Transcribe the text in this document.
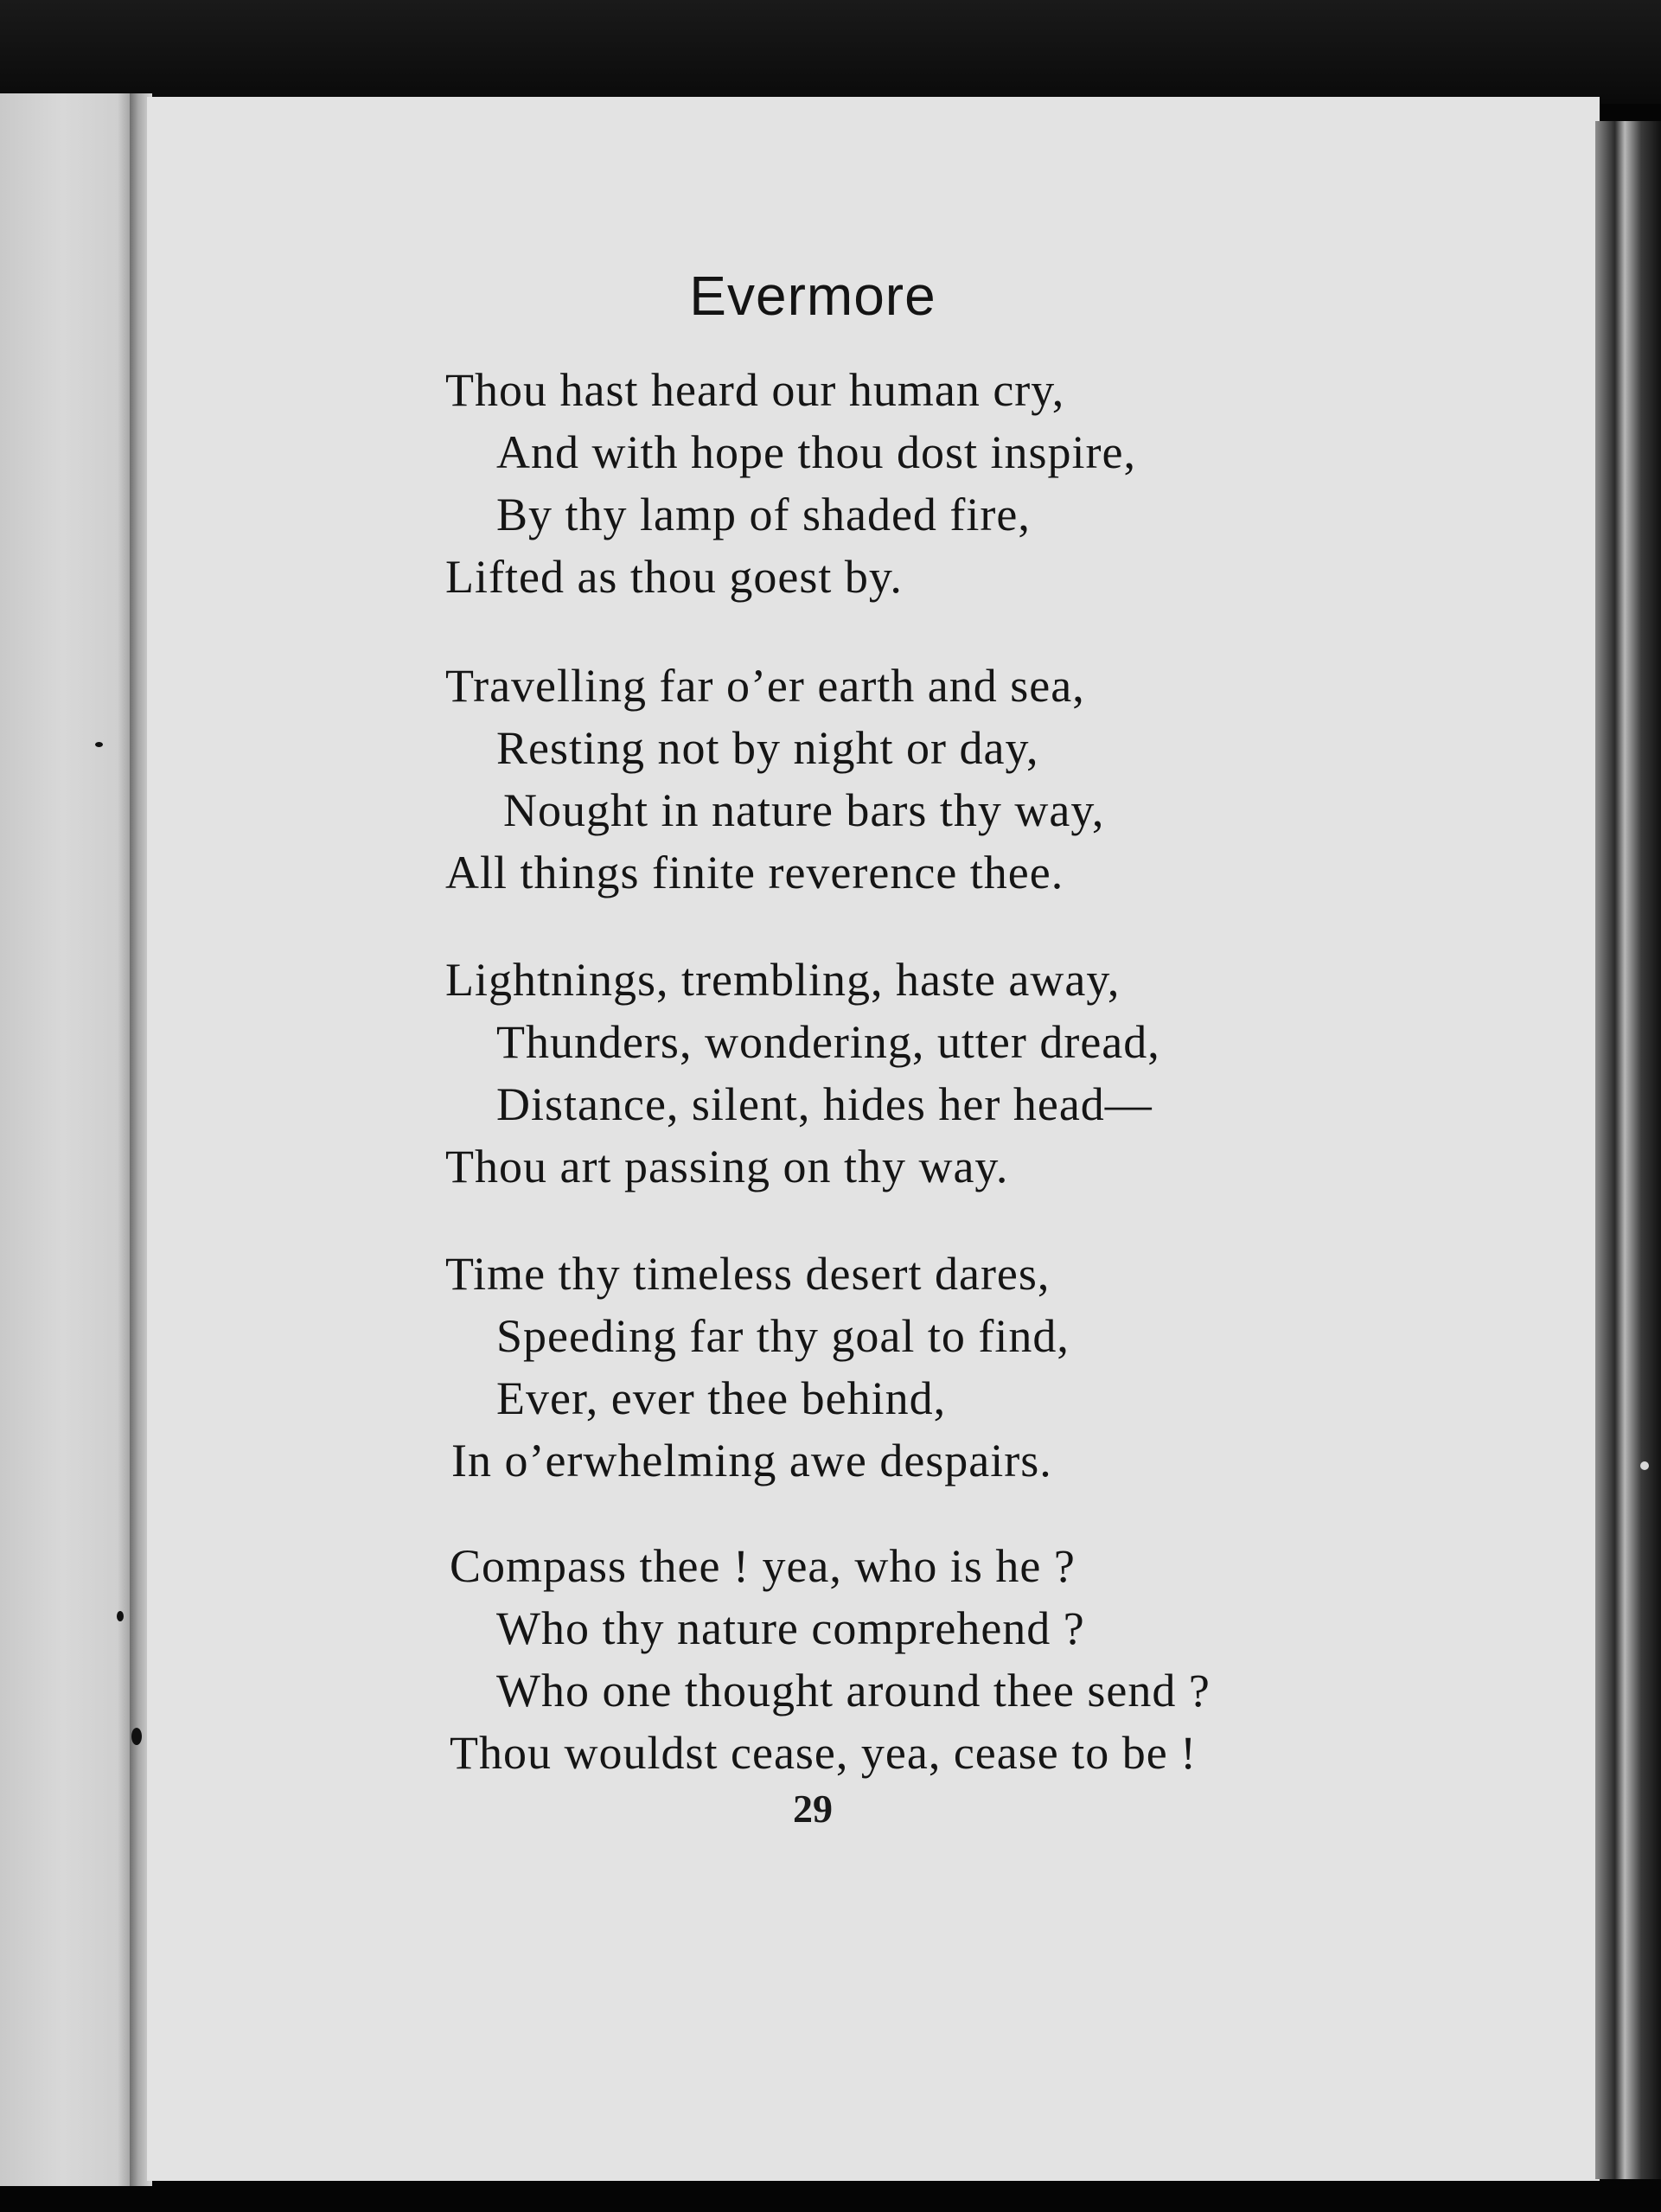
Evermore
Thou hast heard our human cry,
And with hope thou dost inspire,
By thy lamp of shaded fire,
Lifted as thou goest by.
Travelling far o’er earth and sea,
Resting not by night or day,
Nought in nature bars thy way,
All things finite reverence thee.
Lightnings, trembling, haste away,
Thunders, wondering, utter dread,
Distance, silent, hides her head—
Thou art passing on thy way.
Time thy timeless desert dares,
Speeding far thy goal to find,
Ever, ever thee behind,
In o’erwhelming awe despairs.
Compass thee ! yea, who is he ?
Who thy nature comprehend ?
Who one thought around thee send ?
Thou wouldst cease, yea, cease to be !
29
